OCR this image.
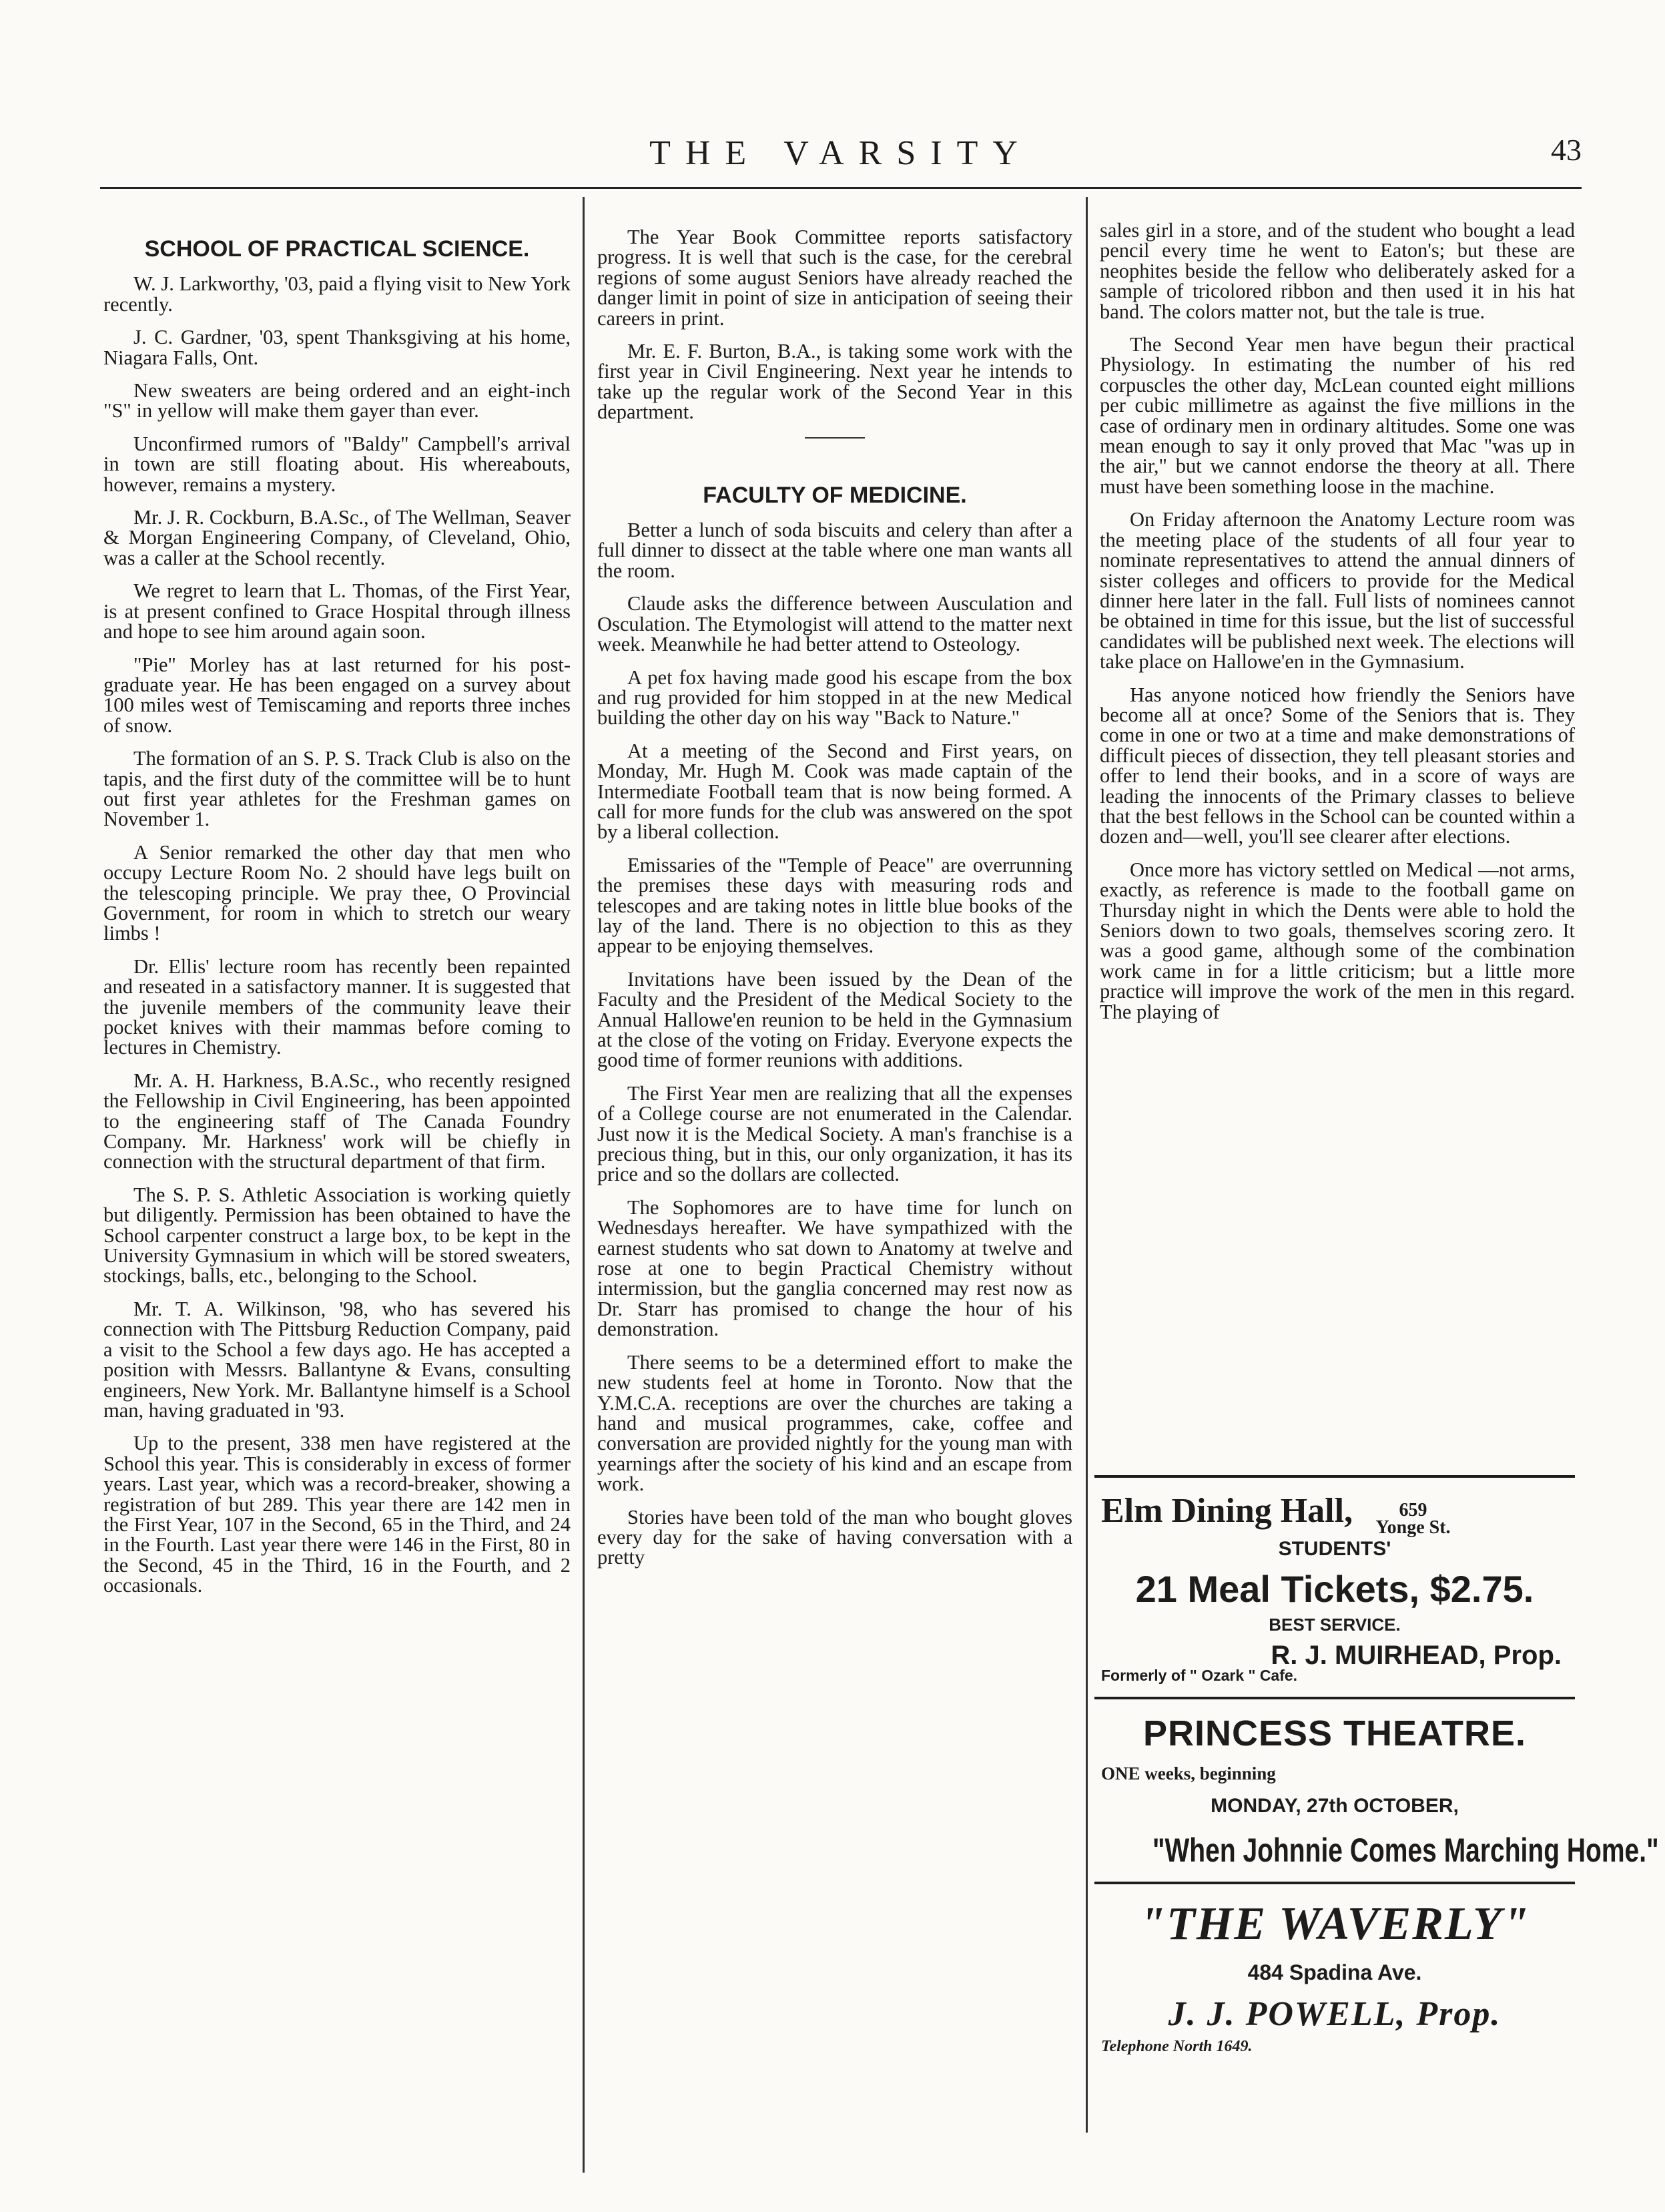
THE VARSITY	43
SCHOOL OF PRACTICAL SCIENCE.

W. J. Larkworthy, '03, paid a flying visit to New York recently.

J. C. Gardner, '03, spent Thanksgiving at his home, Niagara Falls, Ont.

New sweaters are being ordered and an eight-inch "S" in yellow will make them gayer than ever.

Unconfirmed rumors of "Baldy" Campbell's arrival in town are still floating about. His whereabouts, however, remains a mystery.

Mr. J. R. Cockburn, B.A.Sc., of The Wellman, Seaver & Morgan Engineering Company, of Cleveland, Ohio, was a caller at the School recently.

We regret to learn that L. Thomas, of the First Year, is at present confined to Grace Hospital through illness and hope to see him around again soon.

"Pie" Morley has at last returned for his post-graduate year. He has been engaged on a survey about 100 miles west of Temiscaming and reports three inches of snow.

The formation of an S. P. S. Track Club is also on the tapis, and the first duty of the committee will be to hunt out first year athletes for the Freshman games on November 1.

A Senior remarked the other day that men who occupy Lecture Room No. 2 should have legs built on the telescoping principle. We pray thee, O Provincial Government, for room in which to stretch our weary limbs !

Dr. Ellis' lecture room has recently been repainted and reseated in a satisfactory manner. It is suggested that the juvenile members of the community leave their pocket knives with their mammas before coming to lectures in Chemistry.

Mr. A. H. Harkness, B.A.Sc., who recently resigned the Fellowship in Civil Engineering, has been appointed to the engineering staff of The Canada Foundry Company. Mr. Harkness' work will be chiefly in connection with the structural department of that firm.

The S. P. S. Athletic Association is working quietly but diligently. Permission has been obtained to have the School carpenter construct a large box, to be kept in the University Gymnasium in which will be stored sweaters, stockings, balls, etc., belonging to the School.

Mr. T. A. Wilkinson, '98, who has severed his connection with The Pittsburg Reduction Company, paid a visit to the School a few days ago. He has accepted a position with Messrs. Ballantyne & Evans, consulting engineers, New York. Mr. Ballantyne himself is a School man, having graduated in '93.

Up to the present, 338 men have registered at the School this year. This is considerably in excess of former years. Last year, which was a record-breaker, showing a registration of but 289. This year there are 142 men in the First Year, 107 in the Second, 65 in the Third, and 24 in the Fourth. Last year there were 146 in the First, 80 in the Second, 45 in the Third, 16 in the Fourth, and 2 occasionals.

The Year Book Committee reports satisfactory progress. It is well that such is the case, for the cerebral regions of some august Seniors have already reached the danger limit in point of size in anticipation of seeing their careers in print.

Mr. E. F. Burton, B.A., is taking some work with the first year in Civil Engineering. Next year he intends to take up the regular work of the Second Year in this department.

FACULTY OF MEDICINE.

Better a lunch of soda biscuits and celery than after a full dinner to dissect at the table where one man wants all the room.

Claude asks the difference between Ausculation and Osculation. The Etymologist will attend to the matter next week. Meanwhile he had better attend to Osteology.

A pet fox having made good his escape from the box and rug provided for him stopped in at the new Medical building the other day on his way "Back to Nature."

At a meeting of the Second and First years, on Monday, Mr. Hugh M. Cook was made captain of the Intermediate Football team that is now being formed. A call for more funds for the club was answered on the spot by a liberal collection.

Emissaries of the "Temple of Peace" are overrunning the premises these days with measuring rods and telescopes and are taking notes in little blue books of the lay of the land. There is no objection to this as they appear to be enjoying themselves.

Invitations have been issued by the Dean of the Faculty and the President of the Medical Society to the Annual Hallowe'en reunion to be held in the Gymnasium at the close of the voting on Friday. Everyone expects the good time of former reunions with additions.

The First Year men are realizing that all the expenses of a College course are not enumerated in the Calendar. Just now it is the Medical Society. A man's franchise is a precious thing, but in this, our only organization, it has its price and so the dollars are collected.

The Sophomores are to have time for lunch on Wednesdays hereafter. We have sympathized with the earnest students who sat down to Anatomy at twelve and rose at one to begin Practical Chemistry without intermission, but the ganglia concerned may rest now as Dr. Starr has promised to change the hour of his demonstration.

There seems to be a determined effort to make the new students feel at home in Toronto. Now that the Y.M.C.A. receptions are over the churches are taking a hand and musical programmes, cake, coffee and conversation are provided nightly for the young man with yearnings after the society of his kind and an escape from work.

Stories have been told of the man who bought gloves every day for the sake of having conversation with a pretty

sales girl in a store, and of the student who bought a lead pencil every time he went to Eaton's; but these are neophites beside the fellow who deliberately asked for a sample of tricolored ribbon and then used it in his hat band. The colors matter not, but the tale is true.

The Second Year men have begun their practical Physiology. In estimating the number of his red corpuscles the other day, McLean counted eight millions per cubic millimetre as against the five millions in the case of ordinary men in ordinary altitudes. Some one was mean enough to say it only proved that Mac "was up in the air," but we cannot endorse the theory at all. There must have been something loose in the machine.

On Friday afternoon the Anatomy Lecture room was the meeting place of the students of all four year to nominate representatives to attend the annual dinners of sister colleges and officers to provide for the Medical dinner here later in the fall. Full lists of nominees cannot be obtained in time for this issue, but the list of successful candidates will be published next week. The elections will take place on Hallowe'en in the Gymnasium.

Has anyone noticed how friendly the Seniors have become all at once? Some of the Seniors that is. They come in one or two at a time and make demonstrations of difficult pieces of dissection, they tell pleasant stories and offer to lend their books, and in a score of ways are leading the innocents of the Primary classes to believe that the best fellows in the School can be counted within a dozen and—well, you'll see clearer after elections.

Once more has victory settled on Medical —not arms, exactly, as reference is made to the football game on Thursday night in which the Dents were able to hold the Seniors down to two goals, themselves scoring zero. It was a good game, although some of the combination work came in for a little criticism; but a little more practice will improve the work of the men in this regard. The playing of

Elm Dining Hall, 659
Yonge St.
STUDENTS'
21 Meal Tickets, $2.75.
BEST SERVICE.
R. J. MUIRHEAD, Prop.
Formerly of " Ozark " Cafe.
PRINCESS THEATRE.
ONE weeks, beginning
MONDAY, 27th OCTOBER,
"When Johnnie Comes Marching Home."
"THE WAVERLY"
484 Spadina Ave.
J. J. POWELL, Prop.
Telephone North 1649.
